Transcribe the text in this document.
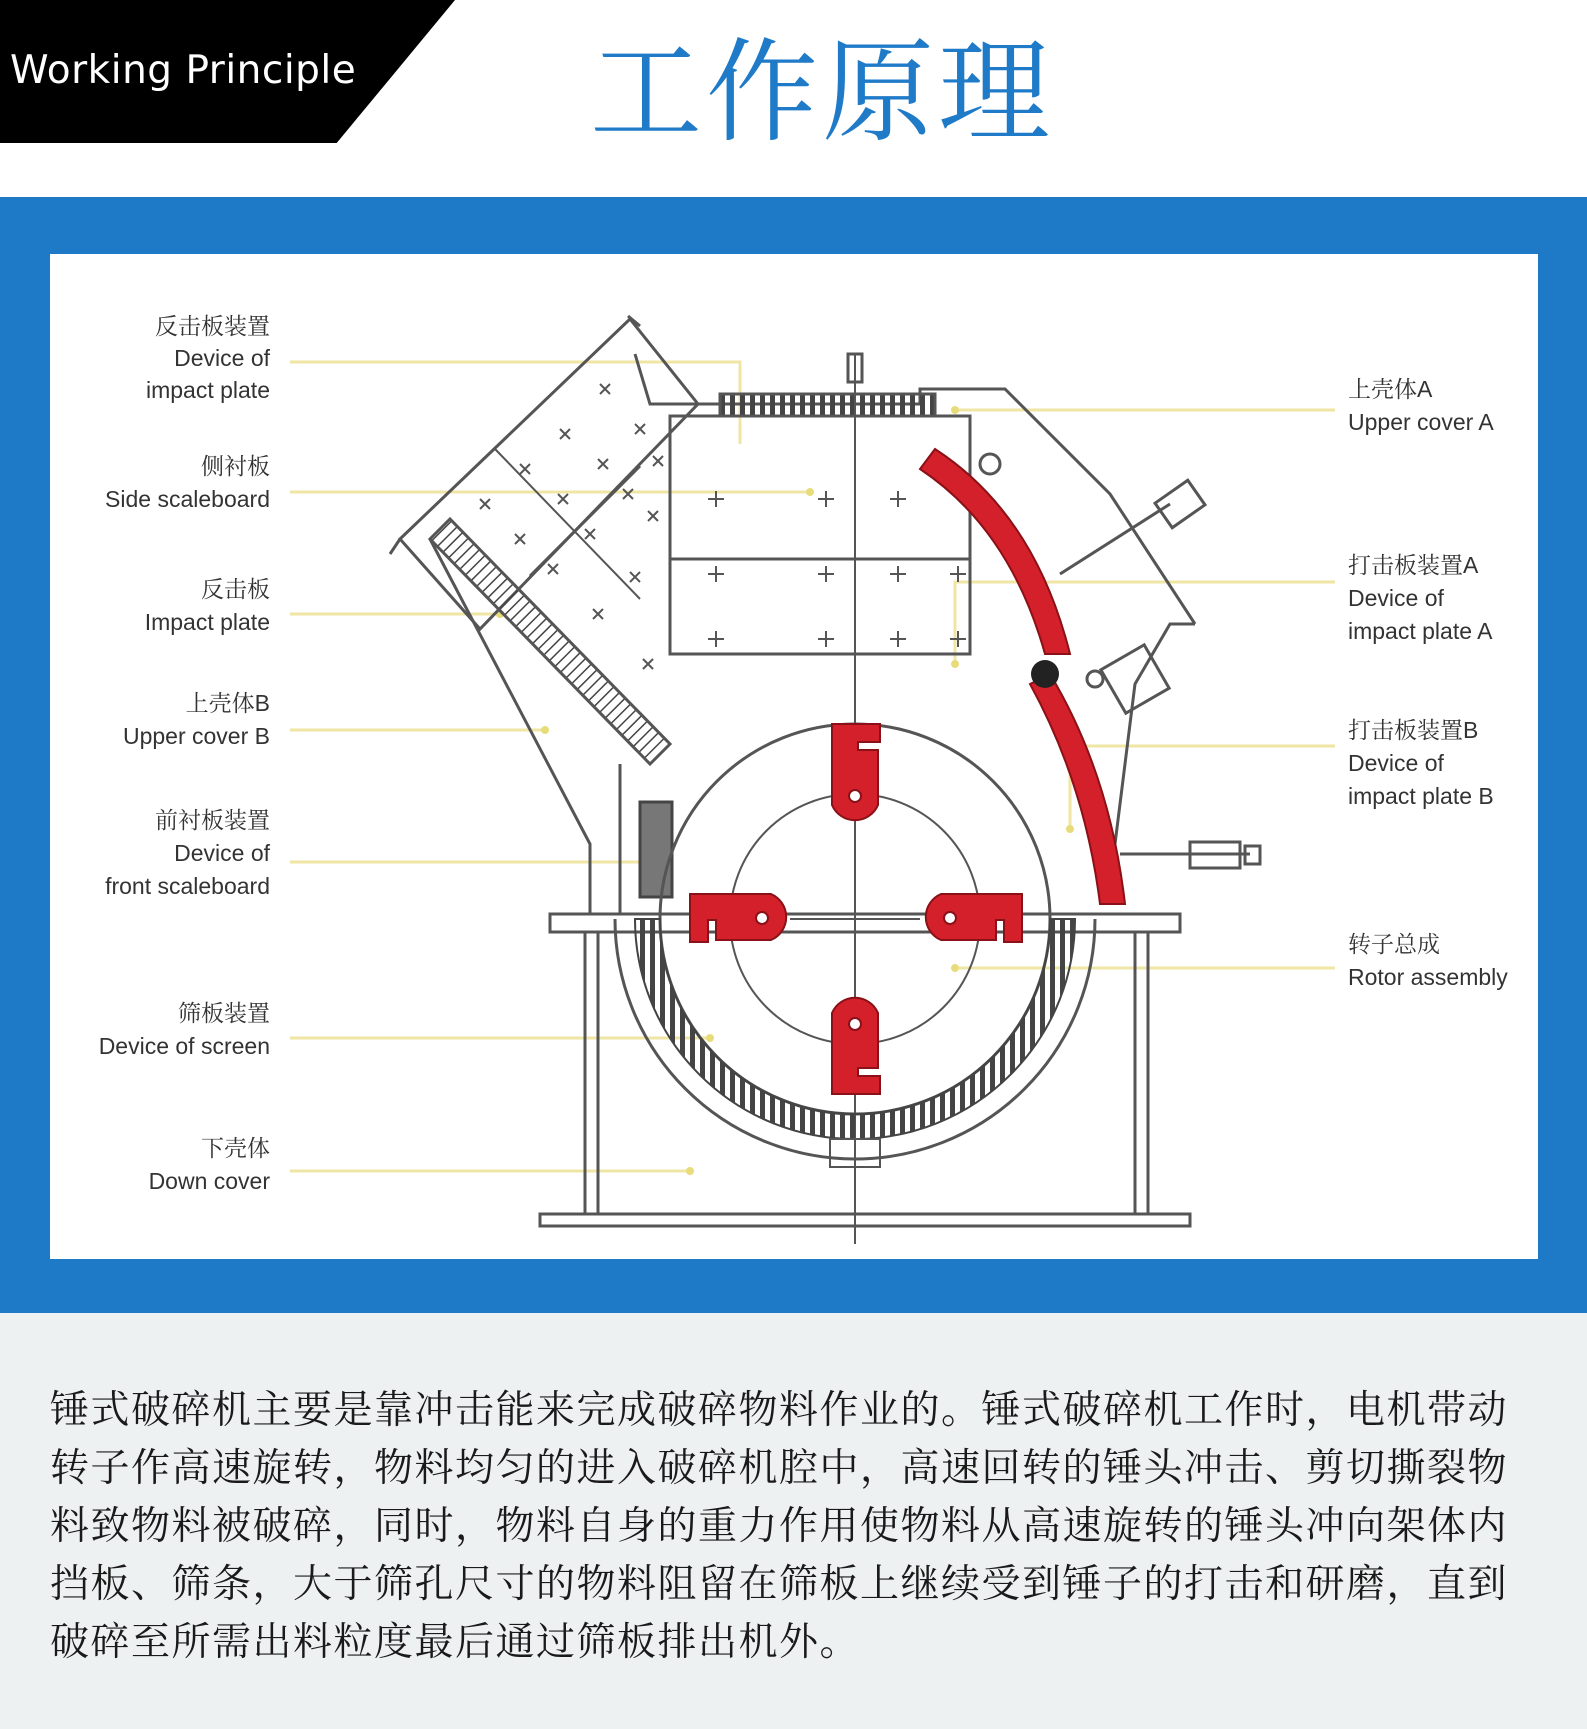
Working Principle 工作原理
反击板装置
Device of
impact plate
侧衬板
Side scaleboard
反击板
Impact plate
上壳体B
Upper cover B
前衬板装置
Device of
front scaleboard
筛板装置
Device of screen
下壳体
Down cover
上壳体A
Upper cover A
打击板装置A
Device of
impact plate A
打击板装置B
Device of
impact plate B
转子总成
Rotor assembly
锤式破碎机主要是靠冲击能来完成破碎物料作业的。锤式破碎机工作时，电机带动转子作高速旋转，物料均匀的进入破碎机腔中，高速回转的锤头冲击、剪切撕裂物料致物料被破碎，同时，物料自身的重力作用使物料从高速旋转的锤头冲向架体内挡板、筛条，大于筛孔尺寸的物料阻留在筛板上继续受到锤子的打击和研磨，直到破碎至所需出料粒度最后通过筛板排出机外。
